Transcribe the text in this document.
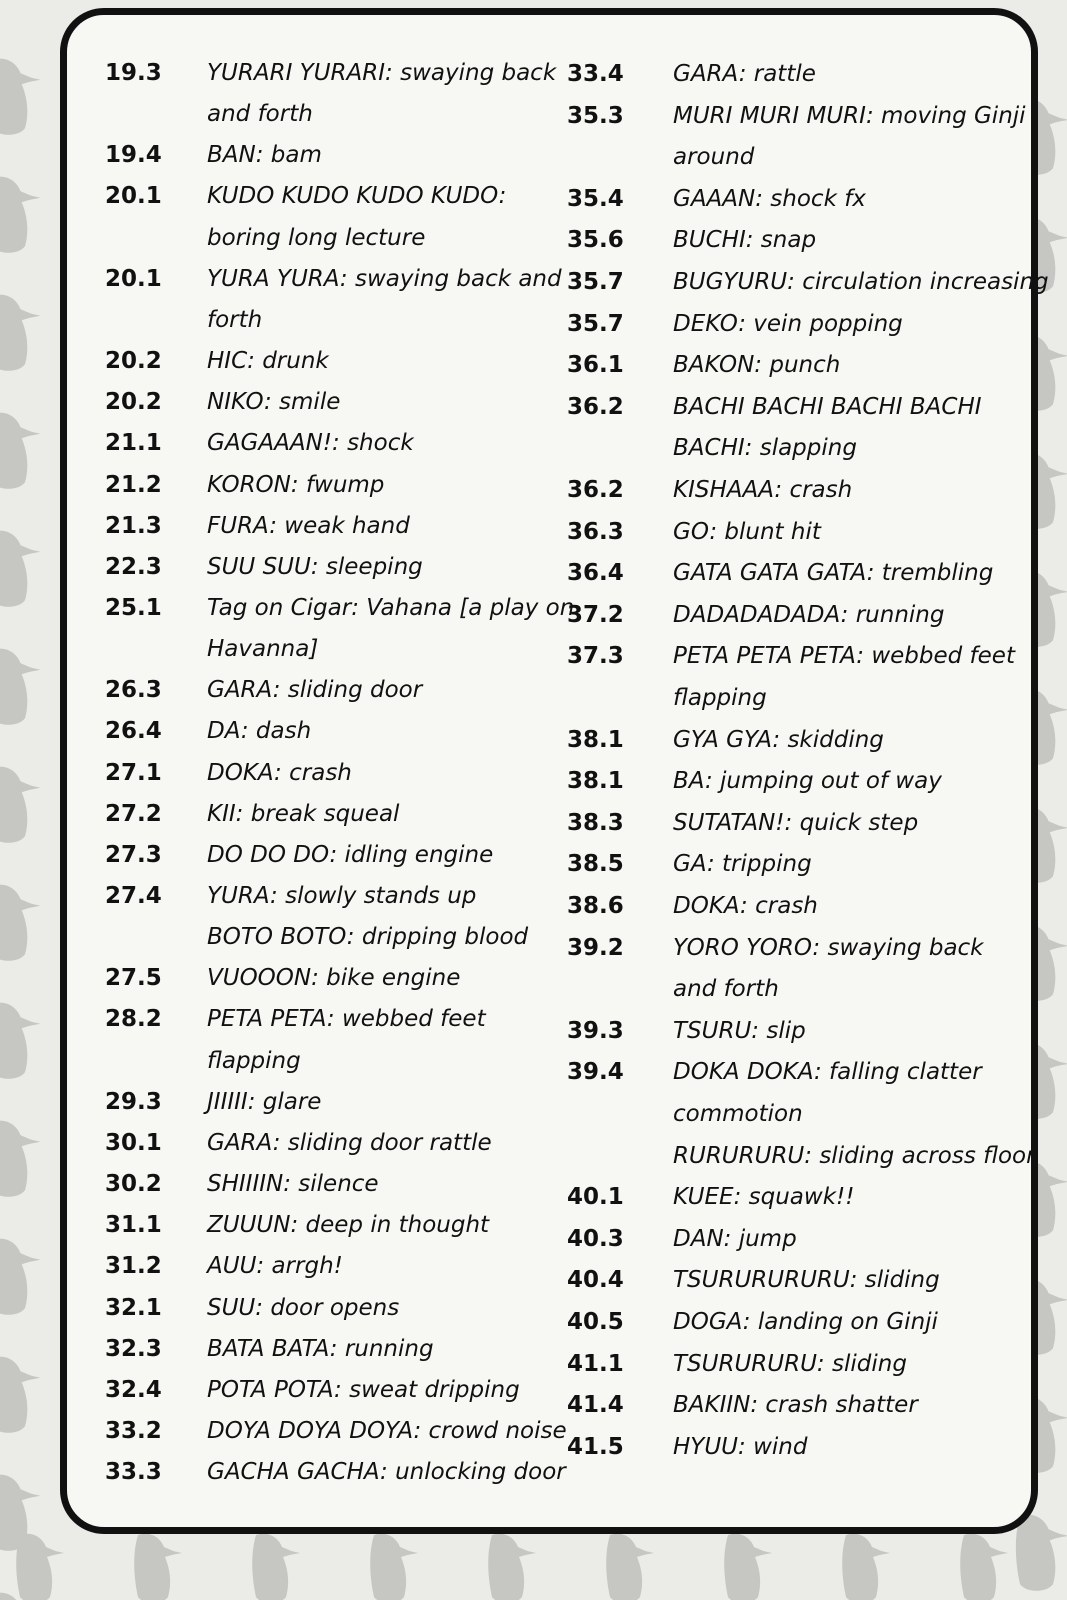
19.3 YURARI YURARI: swaying back
and forth
19.4 BAN: bam
20.1 KUDO KUDO KUDO KUDO:
boring long lecture
20.1 YURA YURA: swaying back and
forth
20.2 HIC: drunk
20.2 NIKO: smile
21.1 GAGAAAN!: shock
21.2 KORON: fwump
21.3 FURA: weak hand
22.3 SUU SUU: sleeping
25.1 Tag on Cigar: Vahana [a play on
Havanna]
26.3 GARA: sliding door
26.4 DA: dash
27.1 DOKA: crash
27.2 KII: break squeal
27.3 DO DO DO: idling engine
27.4 YURA: slowly stands up
BOTO BOTO: dripping blood
27.5 VUOOON: bike engine
28.2 PETA PETA: webbed feet
flapping
29.3 JIIIII: glare
30.1 GARA: sliding door rattle
30.2 SHIIIIN: silence
31.1 ZUUUN: deep in thought
31.2 AUU: arrgh!
32.1 SUU: door opens
32.3 BATA BATA: running
32.4 POTA POTA: sweat dripping
33.2 DOYA DOYA DOYA: crowd noise
33.3 GACHA GACHA: unlocking door
33.4 GARA: rattle
35.3 MURI MURI MURI: moving Ginji
around
35.4 GAAAN: shock fx
35.6 BUCHI: snap
35.7 BUGYURU: circulation increasing
35.7 DEKO: vein popping
36.1 BAKON: punch
36.2 BACHI BACHI BACHI BACHI
BACHI: slapping
36.2 KISHAAA: crash
36.3 GO: blunt hit
36.4 GATA GATA GATA: trembling
37.2 DADADADADA: running
37.3 PETA PETA PETA: webbed feet
flapping
38.1 GYA GYA: skidding
38.1 BA: jumping out of way
38.3 SUTATAN!: quick step
38.5 GA: tripping
38.6 DOKA: crash
39.2 YORO YORO: swaying back
and forth
39.3 TSURU: slip
39.4 DOKA DOKA: falling clatter
commotion
RURURURU: sliding across floor
40.1 KUEE: squawk!!
40.3 DAN: jump
40.4 TSURURURURU: sliding
40.5 DOGA: landing on Ginji
41.1 TSURURURU: sliding
41.4 BAKIIN: crash shatter
41.5 HYUU: wind
